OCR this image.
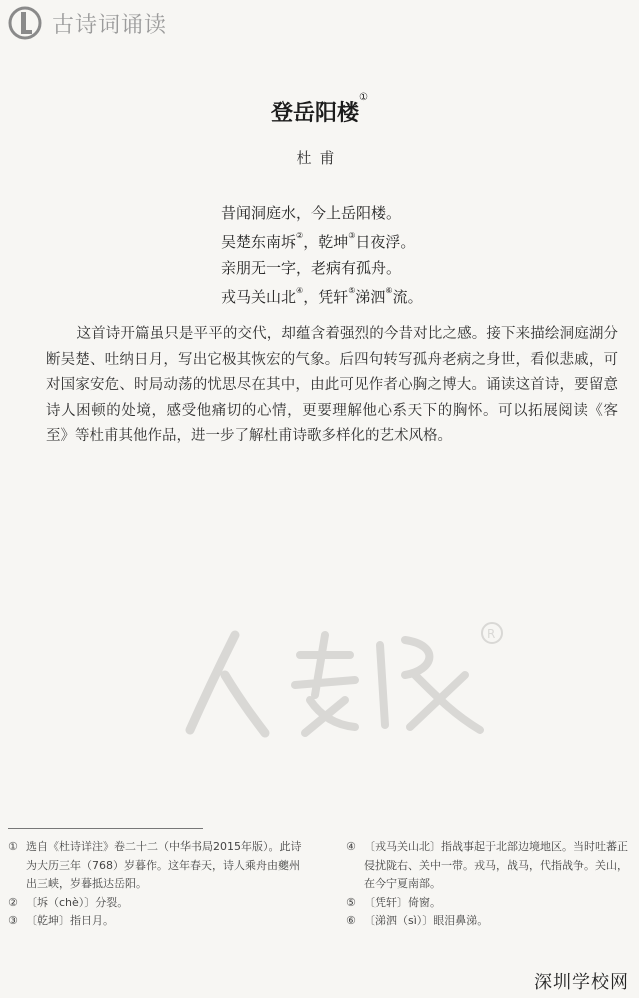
古诗词诵读
登岳阳楼①
杜甫
昔闻洞庭水，今上岳阳楼。
吴楚东南坼②，乾坤③日夜浮。
亲朋无一字，老病有孤舟。
戎马关山北④，凭轩⑤涕泗⑥流。
这首诗开篇虽只是平平的交代，却蕴含着强烈的今昔对比之感。接下来描绘洞庭湖分断吴楚、吐纳日月，写出它极其恢宏的气象。后四句转写孤舟老病之身世，看似悲戚，可对国家安危、时局动荡的忧思尽在其中，由此可见作者心胸之博大。诵读这首诗，要留意诗人困顿的处境，感受他痛切的心情，更要理解他心系天下的胸怀。可以拓展阅读《客至》等杜甫其他作品，进一步了解杜甫诗歌多样化的艺术风格。
R
① 选自《杜诗详注》卷二十二（中华书局2015年版）。此诗为大历三年（768）岁暮作。这年春天，诗人乘舟由夔州出三峡，岁暮抵达岳阳。
② 〔坼（chè）〕分裂。
③ 〔乾坤〕指日月。
④ 〔戎马关山北〕指战事起于北部边境地区。当时吐蕃正侵扰陇右、关中一带。戎马，战马，代指战争。关山，在今宁夏南部。
⑤ 〔凭轩〕倚窗。
⑥ 〔涕泗（sì）〕眼泪鼻涕。
深圳学校网
